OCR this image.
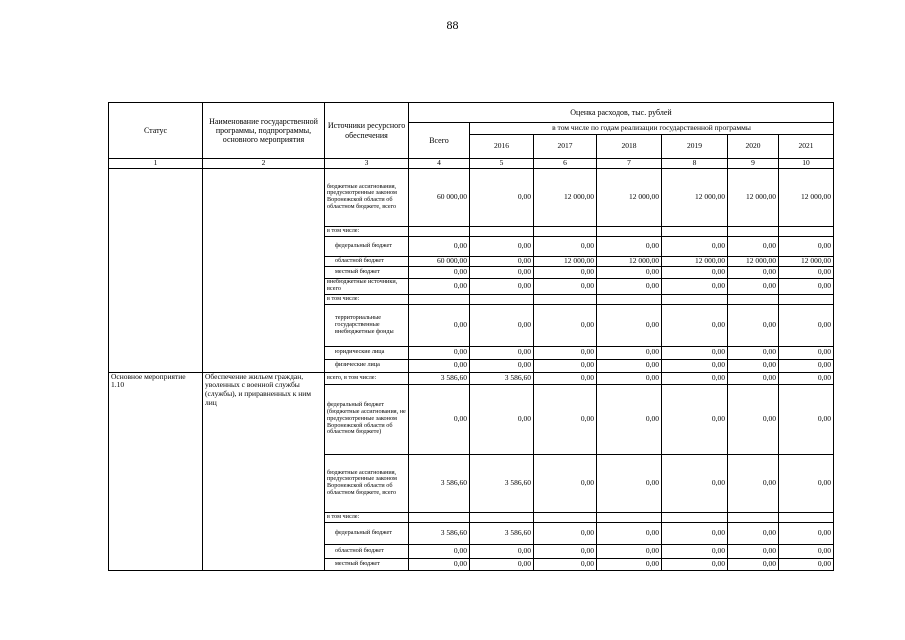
88
Статус	Наименование государственной программы, подпрограммы, основного мероприятия	Источники ресурсного обеспечения	Оценка расходов, тыс. рублей						
			Всего	в том числе по годам реализации государственной программы					
				2016	2017	2018	2019	2020	2021
1	2	3	4	5	6	7	8	9	10
		бюджетные ассигнования, предусмотренные законом Воронежской области об областном бюджете, всего	60 000,00	0,00	12 000,00	12 000,00	12 000,00	12 000,00	12 000,00
		в том числе:							
		федеральный бюджет	0,00	0,00	0,00	0,00	0,00	0,00	0,00
		областной бюджет	60 000,00	0,00	12 000,00	12 000,00	12 000,00	12 000,00	12 000,00
		местный бюджет	0,00	0,00	0,00	0,00	0,00	0,00	0,00
		внебюджетные источники, всего	0,00	0,00	0,00	0,00	0,00	0,00	0,00
		в том числе:							
		территориальные государственные внебюджетные фонды	0,00	0,00	0,00	0,00	0,00	0,00	0,00
		юридические лица	0,00	0,00	0,00	0,00	0,00	0,00	0,00
		физические лица	0,00	0,00	0,00	0,00	0,00	0,00	0,00
Основное мероприятие 1.10	Обеспечение жильем граждан, уволенных с военной службы (службы), и приравненных к ним лиц	всего, в том числе:	3 586,60	3 586,60	0,00	0,00	0,00	0,00	0,00
		федеральный бюджет (бюджетные ассигнования, не предусмотренные законом Воронежской области об областном бюджете)	0,00	0,00	0,00	0,00	0,00	0,00	0,00
		бюджетные ассигнования, предусмотренные законом Воронежской области об областном бюджете, всего	3 586,60	3 586,60	0,00	0,00	0,00	0,00	0,00
		в том числе:							
		федеральный бюджет	3 586,60	3 586,60	0,00	0,00	0,00	0,00	0,00
		областной бюджет	0,00	0,00	0,00	0,00	0,00	0,00	0,00
		местный бюджет	0,00	0,00	0,00	0,00	0,00	0,00	0,00
